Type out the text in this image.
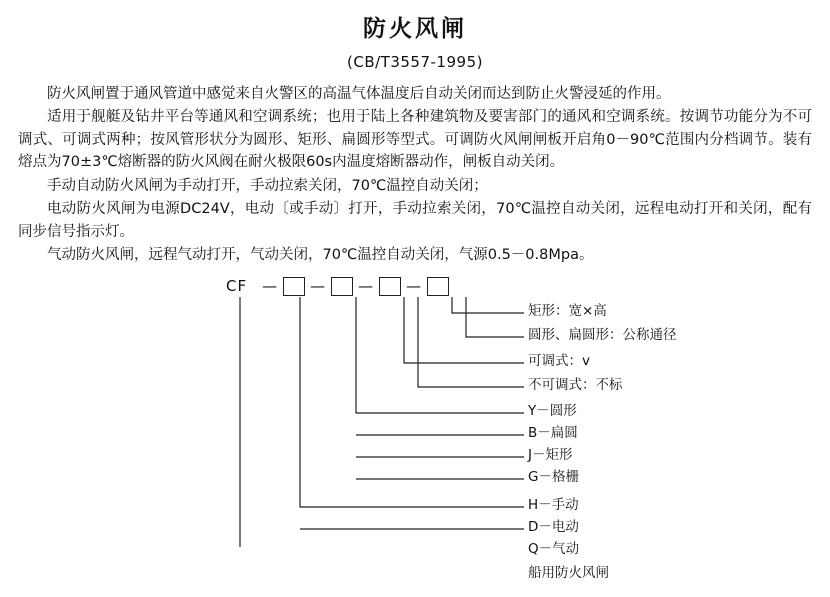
防火风闸
(CB/T3557-1995)

防火风闸置于通风管道中感觉来自火警区的高温气体温度后自动关闭而达到防止火警浸延的作用。

适用于舰艇及钻井平台等通风和空调系统；也用于陆上各种建筑物及要害部门的通风和空调系统。按调节功能分为不可调式、可调式两种；按风管形状分为圆形、矩形、扁圆形等型式。可调防火风闸闸板开启角0－90℃范围内分档调节。装有熔点为70±3℃熔断器的防火风阀在耐火极限60s内温度熔断器动作，闸板自动关闭。

手动自动防火风闸为手动打开，手动拉索关闭，70℃温控自动关闭；

电动防火风闸为电源DC24V，电动〔或手动〕打开，手动拉索关闭，70℃温控自动关闭，远程电动打开和关闭，配有同步信号指示灯。

气动防火风闸，远程气动打开，气动关闭，70℃温控自动关闭，气源0.5－0.8Mpa。

CF — — — —
矩形：宽×高
圆形、扁圆形：公称通径
可调式：v
不可调式：不标
Y－圆形
B－扁圆
J－矩形
G－格栅
H－手动
D－电动
Q－气动
船用防火风闸
